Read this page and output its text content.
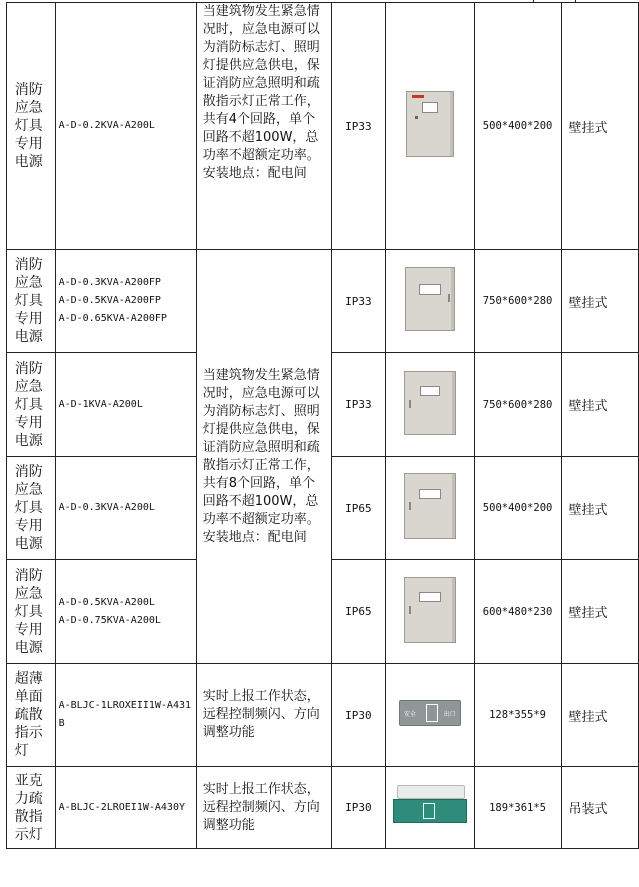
消防应急灯具专用电源	A-D-0.2KVA-A200L	当建筑物发生紧急情况时，应急电源可以为消防标志灯、照明灯提供应急供电，保证消防应急照明和疏散指示灯正常工作，共有4个回路，单个回路不超100W，总功率不超额定功率。安装地点：配电间	IP33		500*400*200	壁挂式

消防应急灯具专用电源	A-D-0.3KVA-A200FP
A-D-0.5KVA-A200FP
A-D-0.65KVA-A200FP	当建筑物发生紧急情况时，应急电源可以为消防标志灯、照明灯提供应急供电，保证消防应急照明和疏散指示灯正常工作，共有8个回路，单个回路不超100W，总功率不超额定功率。安装地点：配电间	IP33		750*600*280	壁挂式

消防应急灯具专用电源	A-D-1KVA-A200L		IP33		750*600*280	壁挂式

消防应急灯具专用电源	A-D-0.3KVA-A200L		IP65		500*400*200	壁挂式

消防应急灯具专用电源	A-D-0.5KVA-A200L
A-D-0.75KVA-A200L		IP65		600*480*230	壁挂式

超薄单面疏散指示灯	A-BLJC-1LROXEII1W-A431B	实时上报工作状态，远程控制频闪、方向调整功能	IP30	安全 出口	128*355*9	壁挂式

亚克力疏散指示灯	A-BLJC-2LROEI1W-A430Y	实时上报工作状态，远程控制频闪、方向调整功能	IP30		189*361*5	吊装式
